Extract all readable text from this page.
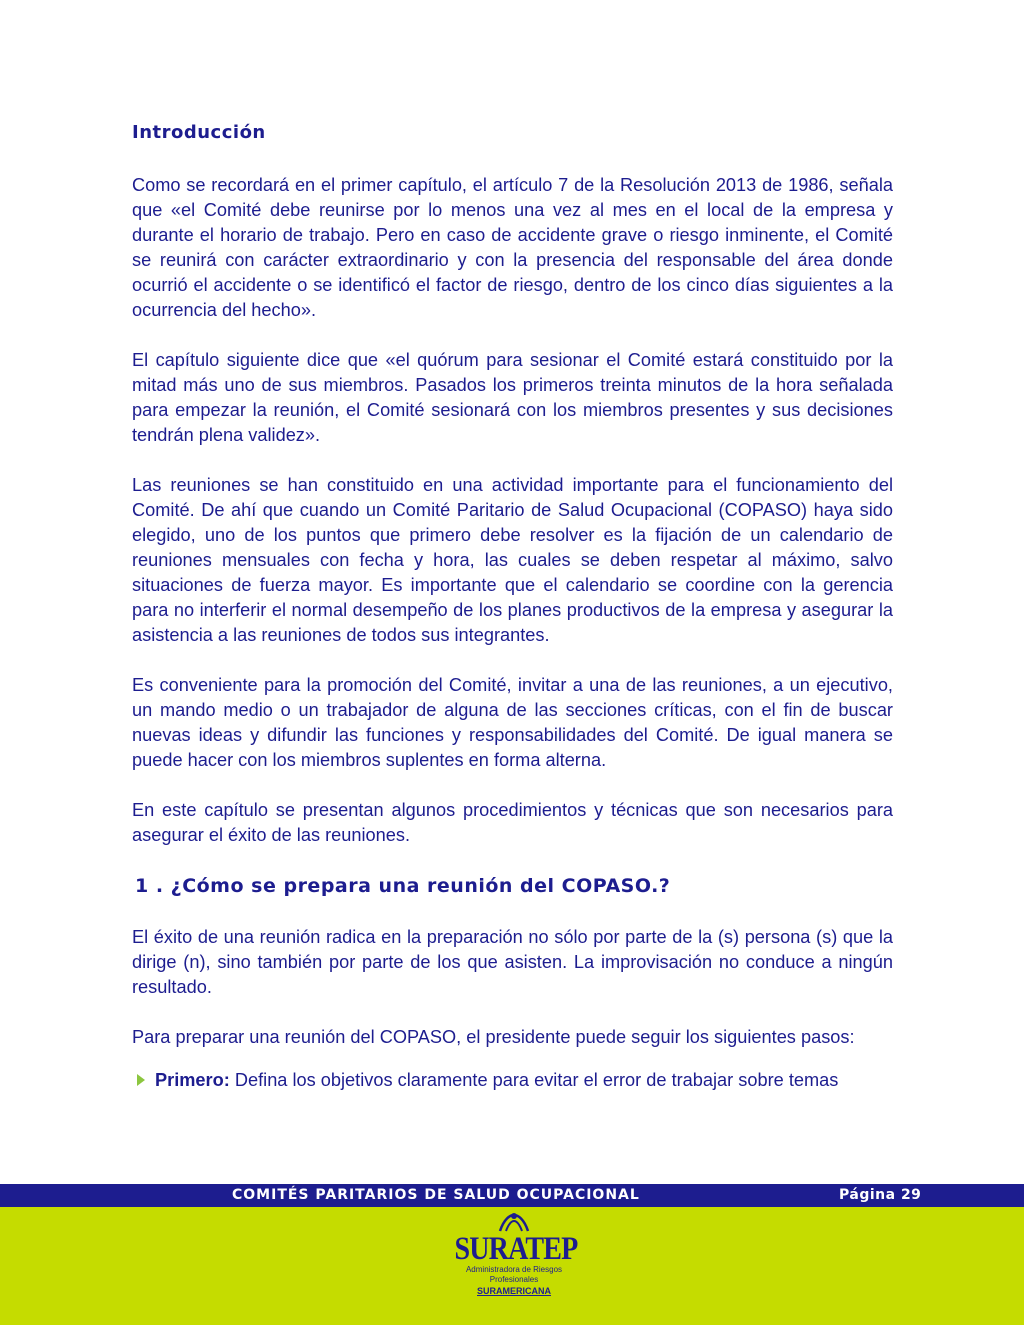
Introducción

Como se recordará en el primer capítulo, el artículo 7 de la Resolución 2013 de 1986, señala que «el Comité debe reunirse por lo menos una vez al mes en el local de la empresa y durante el horario de trabajo. Pero en caso de accidente grave o riesgo inminente, el Comité se reunirá con carácter extraordinario y con la presencia del responsable del área donde ocurrió el accidente o se identificó el factor de riesgo, dentro de los cinco días siguientes a la ocurrencia del hecho».

El capítulo siguiente dice que «el quórum para sesionar el Comité estará constituido por la mitad más uno de sus miembros. Pasados los primeros treinta minutos de la hora señalada para empezar la reunión, el Comité sesionará con los miembros presentes y sus decisiones tendrán plena validez».

Las reuniones se han constituido en una actividad importante para el funcionamiento del Comité. De ahí que cuando un Comité Paritario de Salud Ocupacional (COPASO) haya sido elegido, uno de los puntos que primero debe resolver es la fijación de un calendario de reuniones mensuales con fecha y hora, las cuales se deben respetar al máximo, salvo situaciones de fuerza mayor. Es importante que el calendario se coordine con la gerencia para no interferir el normal desempeño de los planes productivos de la empresa y asegurar la asistencia a las reuniones de todos sus integrantes.

Es conveniente para la promoción del Comité, invitar a una de las reuniones, a un ejecutivo, un mando medio o un trabajador de alguna de las secciones críticas, con el fin de buscar nuevas ideas y difundir las funciones y responsabilidades del Comité. De igual manera se puede hacer con los miembros suplentes en forma alterna.

En este capítulo se presentan algunos procedimientos y técnicas que son necesarios para asegurar el éxito de las reuniones.

1 . ¿Cómo se prepara una reunión del COPASO.?

El éxito de una reunión radica en la preparación no sólo por parte de la (s) persona (s) que la dirige (n), sino también por parte de los que asisten. La improvisación no conduce a ningún resultado.

Para preparar una reunión del COPASO, el presidente puede seguir los siguientes pasos:

Primero: Defina los objetivos claramente para evitar el error de trabajar sobre temas
COMITÉS PARITARIOS DE SALUD OCUPACIONAL	Página 29
SURATEP
Administradora de Riesgos Profesionales
SURAMERICANA
